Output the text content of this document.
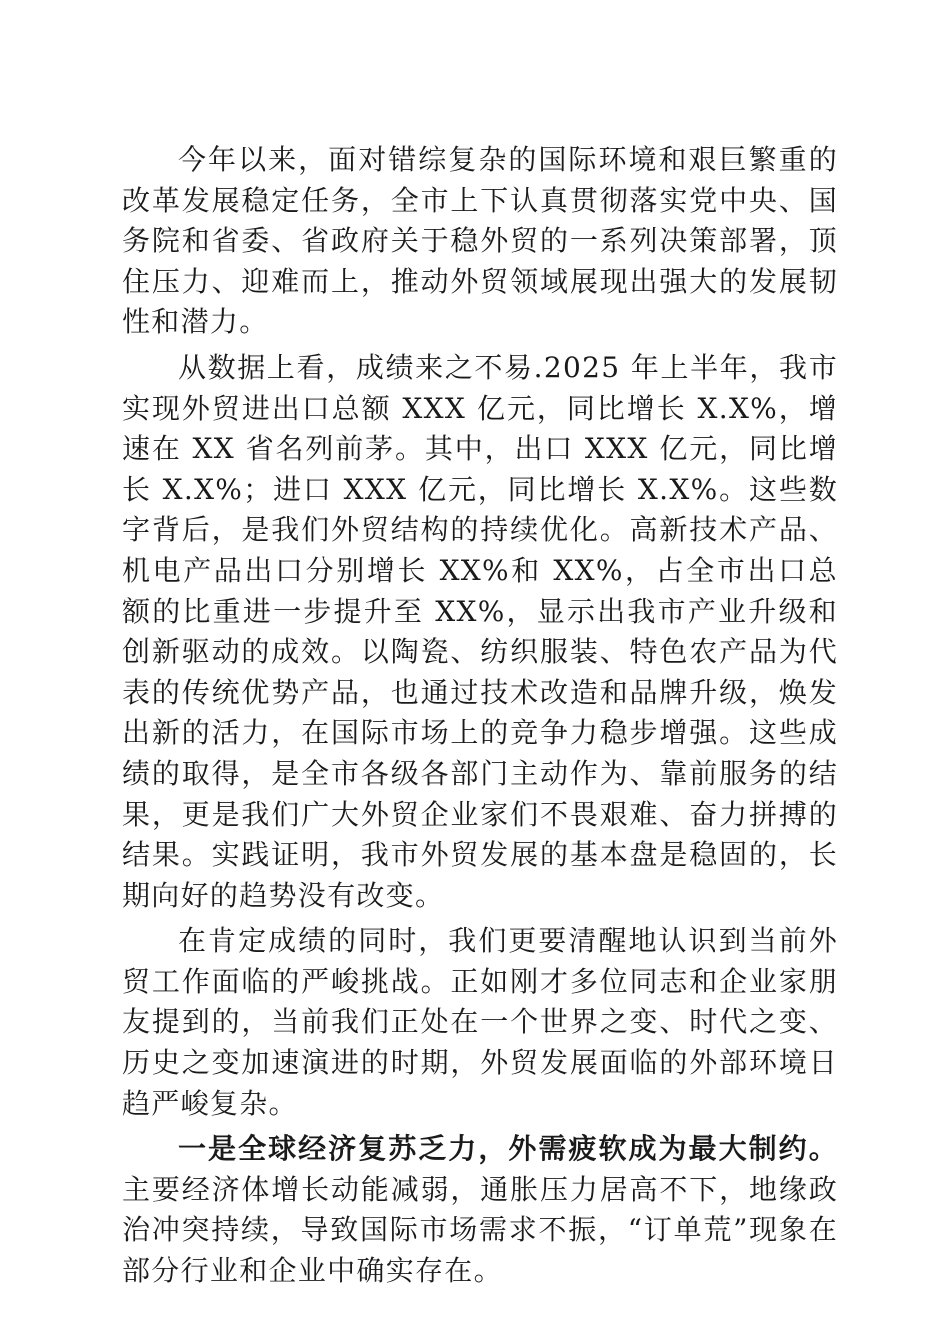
今年以来，面对错综复杂的国际环境和艰巨繁重的改革发展稳定任务，全市上下认真贯彻落实党中央、国务院和省委、省政府关于稳外贸的一系列决策部署，顶住压力、迎难而上，推动外贸领域展现出强大的发展韧性和潜力。

从数据上看，成绩来之不易.2025 年上半年，我市实现外贸进出口总额 XXX 亿元，同比增长 X.X%，增速在 XX 省名列前茅。其中，出口 XXX 亿元，同比增长 X.X%；进口 XXX 亿元，同比增长 X.X%。这些数字背后，是我们外贸结构的持续优化。高新技术产品、机电产品出口分别增长 XX%和 XX%，占全市出口总额的比重进一步提升至 XX%，显示出我市产业升级和创新驱动的成效。以陶瓷、纺织服装、特色农产品为代表的传统优势产品，也通过技术改造和品牌升级，焕发出新的活力，在国际市场上的竞争力稳步增强。这些成绩的取得，是全市各级各部门主动作为、靠前服务的结果，更是我们广大外贸企业家们不畏艰难、奋力拼搏的结果。实践证明，我市外贸发展的基本盘是稳固的，长期向好的趋势没有改变。

在肯定成绩的同时，我们更要清醒地认识到当前外贸工作面临的严峻挑战。正如刚才多位同志和企业家朋友提到的，当前我们正处在一个世界之变、时代之变、历史之变加速演进的时期，外贸发展面临的外部环境日趋严峻复杂。

一是全球经济复苏乏力，外需疲软成为最大制约。主要经济体增长动能减弱，通胀压力居高不下，地缘政治冲突持续，导致国际市场需求不振，“订单荒”现象在部分行业和企业中确实存在。
